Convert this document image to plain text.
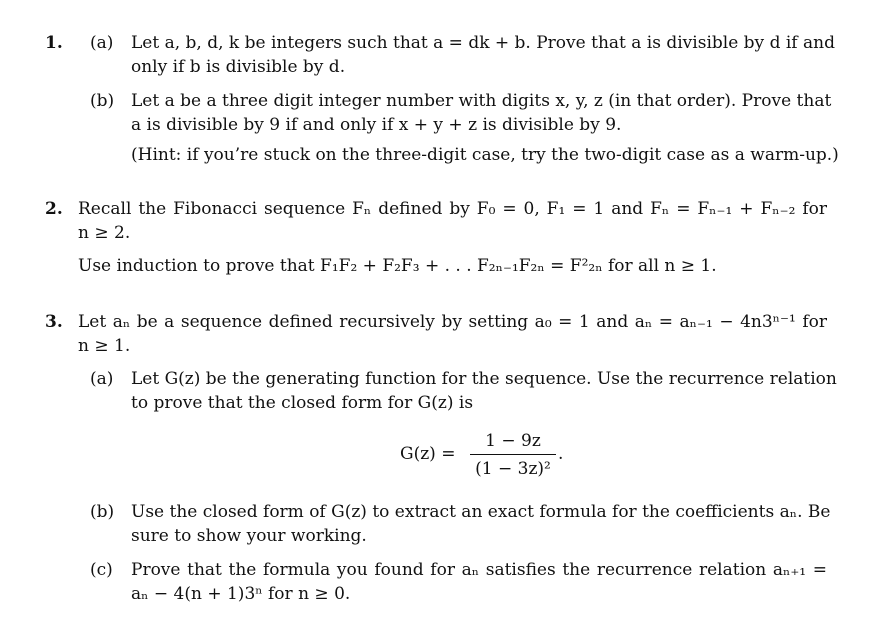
1. (a) Let a, b, d, k be integers such that a = dk + b. Prove that a is divisible by d if and
only if b is divisible by d.
(b) Let a be a three digit integer number with digits x, y, z (in that order). Prove that
a is divisible by 9 if and only if x + y + z is divisible by 9.
(Hint: if you’re stuck on the three-digit case, try the two-digit case as a warm-up.)
2. Recall the Fibonacci sequence Fₙ defined by F₀ = 0, F₁ = 1 and Fₙ = Fₙ₋₁ + Fₙ₋₂ for
n ≥ 2.
Use induction to prove that F₁F₂ + F₂F₃ + . . . F₂ₙ₋₁F₂ₙ = F²₂ₙ for all n ≥ 1.
3. Let aₙ be a sequence defined recursively by setting a₀ = 1 and aₙ = aₙ₋₁ − 4n3ⁿ⁻¹ for
n ≥ 1.
(a) Let G(z) be the generating function for the sequence. Use the recurrence relation
to prove that the closed form for G(z) is
G(z) =
1 − 9z
(1 − 3z)²
.
(b) Use the closed form of G(z) to extract an exact formula for the coefficients aₙ. Be
sure to show your working.
(c) Prove that the formula you found for aₙ satisfies the recurrence relation aₙ₊₁ =
aₙ − 4(n + 1)3ⁿ for n ≥ 0.
